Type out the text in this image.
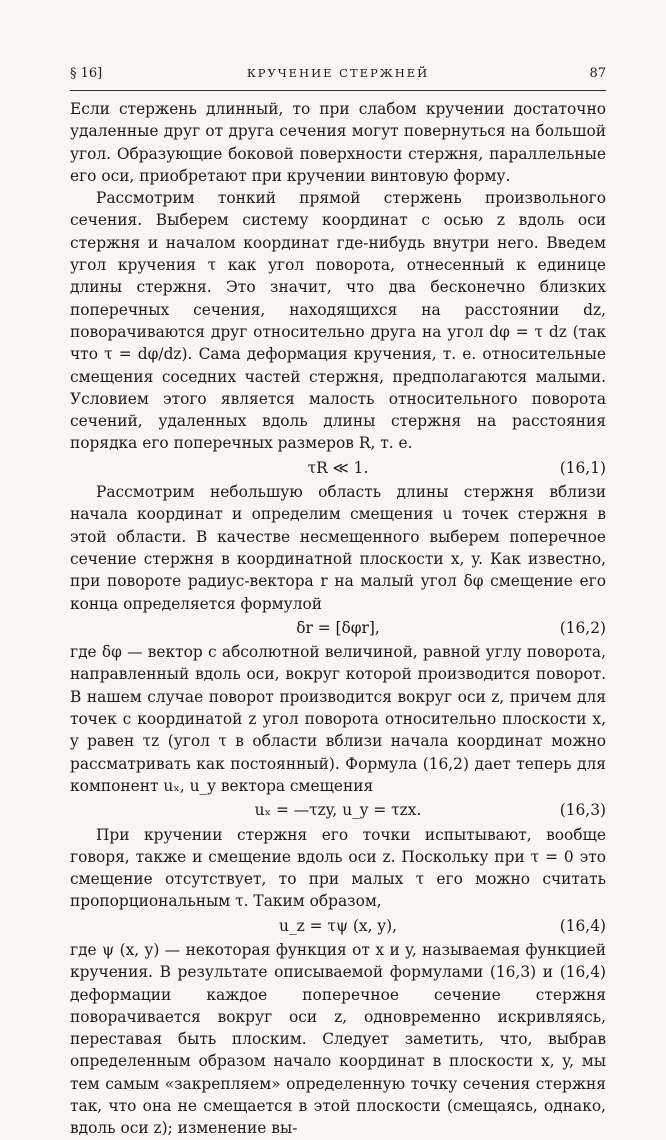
§ 16]	КРУЧЕНИЕ СТЕРЖНЕЙ	87

Если стержень длинный, то при слабом кручении достаточно удаленные друг от друга сечения могут повернуться на большой угол. Образующие боковой поверхности стержня, параллельные его оси, приобретают при кручении винтовую форму.

Рассмотрим тонкий прямой стержень произвольного сечения. Выберем систему координат с осью z вдоль оси стержня и началом координат где-нибудь внутри него. Введем угол кручения τ как угол поворота, отнесенный к единице длины стержня. Это значит, что два бесконечно близких поперечных сечения, находящихся на расстоянии dz, поворачиваются друг относительно друга на угол dφ = τ dz (так что τ = dφ/dz). Сама деформация кручения, т. е. относительные смещения соседних частей стержня, предполагаются малыми. Условием этого является малость относительного поворота сечений, удаленных вдоль длины стержня на расстояния порядка его поперечных размеров R, т. е.

τR ≪ 1.	(16,1)

Рассмотрим небольшую область длины стержня вблизи начала координат и определим смещения u точек стержня в этой области. В качестве несмещенного выберем поперечное сечение стержня в координатной плоскости x, y. Как известно, при повороте радиус-вектора r на малый угол δφ смещение его конца определяется формулой

δr = [δφr],	(16,2)

где δφ — вектор с абсолютной величиной, равной углу поворота, направленный вдоль оси, вокруг которой производится поворот. В нашем случае поворот производится вокруг оси z, причем для точек с координатой z угол поворота относительно плоскости x, y равен τz (угол τ в области вблизи начала координат можно рассматривать как постоянный). Формула (16,2) дает теперь для компонент uₓ, u_y вектора смещения

uₓ = —τzy, u_y = τzx.	(16,3)

При кручении стержня его точки испытывают, вообще говоря, также и смещение вдоль оси z. Поскольку при τ = 0 это смещение отсутствует, то при малых τ его можно считать пропорциональным τ. Таким образом,

u_z = τψ (x, y),	(16,4)

где ψ (x, y) — некоторая функция от x и y, называемая функцией кручения. В результате описываемой формулами (16,3) и (16,4) деформации каждое поперечное сечение стержня поворачивается вокруг оси z, одновременно искривляясь, переставая быть плоским. Следует заметить, что, выбрав определенным образом начало координат в плоскости x, y, мы тем самым «закрепляем» определенную точку сечения стержня так, что она не смещается в этой плоскости (смещаясь, однако, вдоль оси z); изменение вы-
